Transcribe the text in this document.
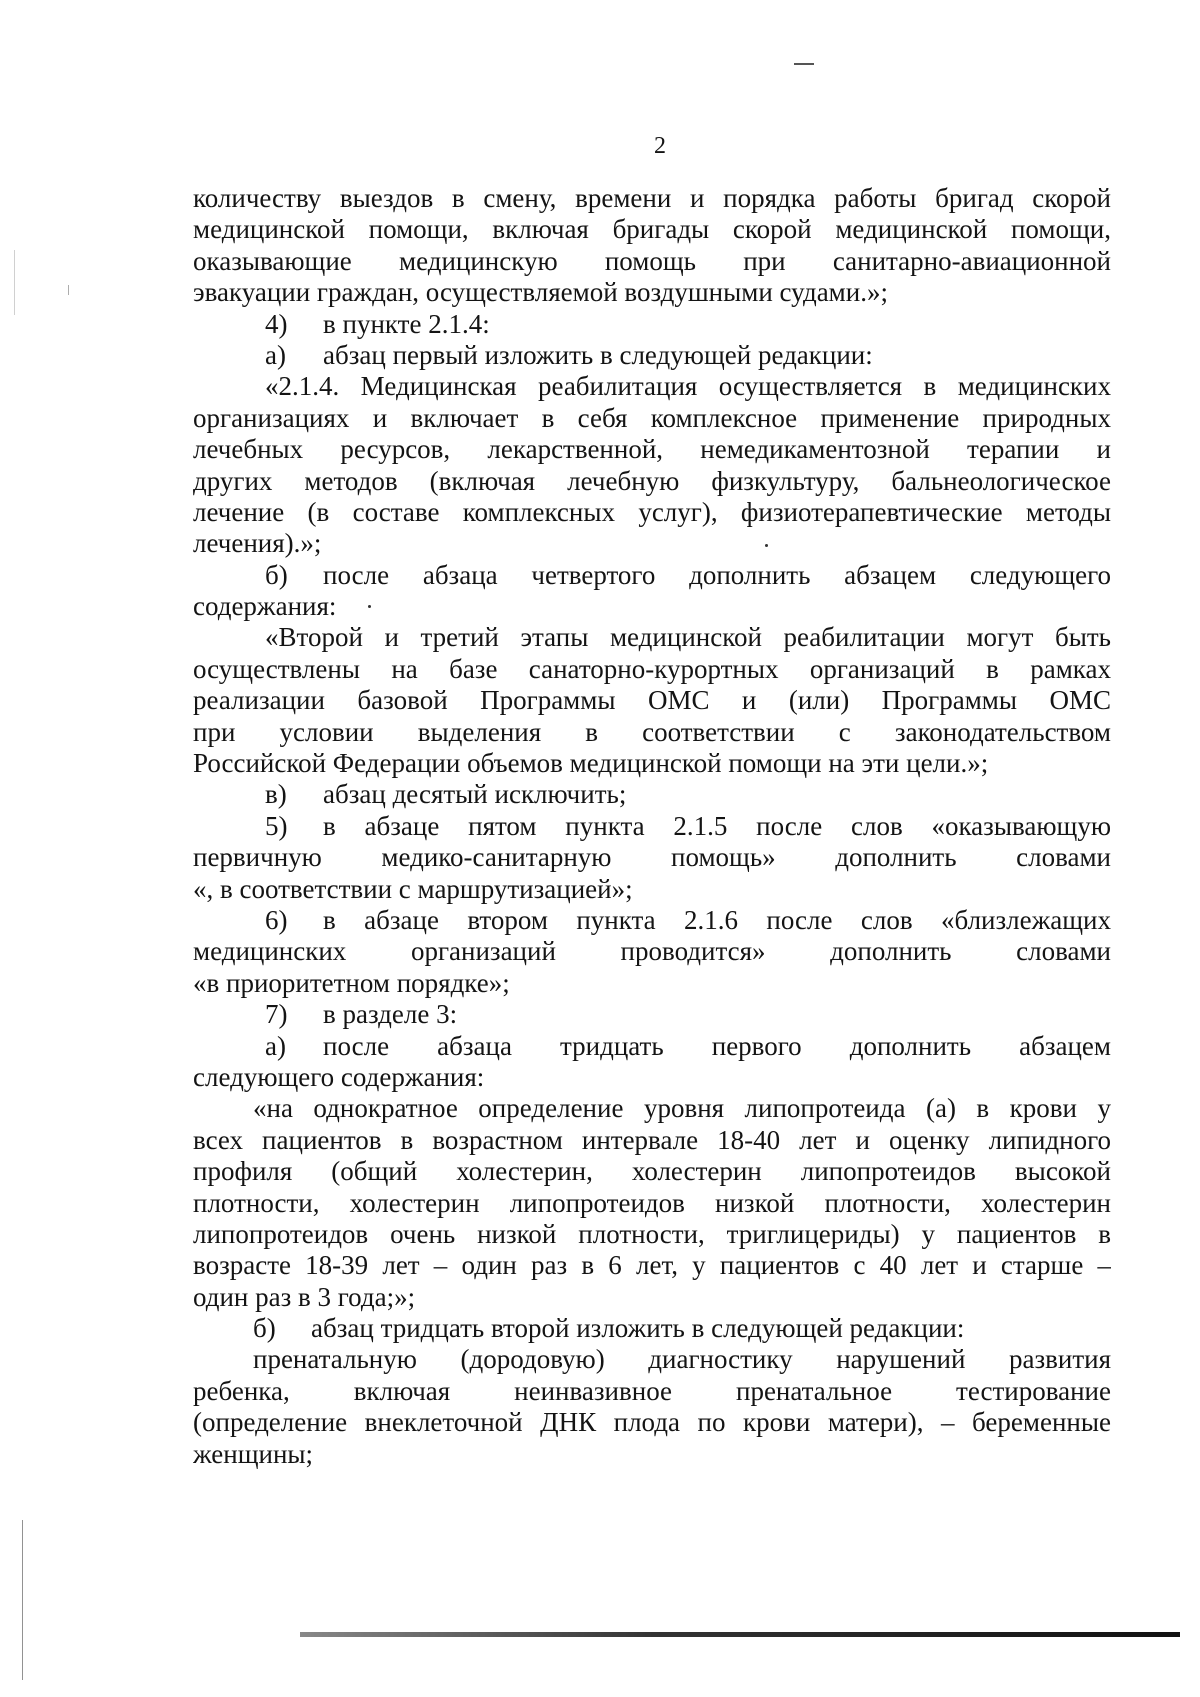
2
количеству выездов в смену, времени и порядка работы бригад скорой
медицинской помощи, включая бригады скорой медицинской помощи,
оказывающие медицинскую помощь при санитарно-авиационной
эвакуации граждан, осуществляемой воздушными судами.»;
4) в пункте 2.1.4:
а) абзац первый изложить в следующей редакции:
«2.1.4. Медицинская реабилитация осуществляется в медицинских
организациях и включает в себя комплексное применение природных
лечебных ресурсов, лекарственной, немедикаментозной терапии и
других методов (включая лечебную физкультуру, бальнеологическое
лечение (в составе комплексных услуг), физиотерапевтические методы
лечения).»;
б) после абзаца четвертого дополнить абзацем следующего
содержания:
«Второй и третий этапы медицинской реабилитации могут быть
осуществлены на базе санаторно-курортных организаций в рамках
реализации базовой Программы ОМС и (или) Программы ОМС
при условии выделения в соответствии с законодательством
Российской Федерации объемов медицинской помощи на эти цели.»;
в) абзац десятый исключить;
5) в абзаце пятом пункта 2.1.5 после слов «оказывающую
первичную медико-санитарную помощь» дополнить словами
«, в соответствии с маршрутизацией»;
6) в абзаце втором пункта 2.1.6 после слов «близлежащих
медицинских организаций проводится» дополнить словами
«в приоритетном порядке»;
7) в разделе 3:
а) после абзаца тридцать первого дополнить абзацем
следующего содержания:
«на однократное определение уровня липопротеида (а) в крови у
всех пациентов в возрастном интервале 18-40 лет и оценку липидного
профиля (общий холестерин, холестерин липопротеидов высокой
плотности, холестерин липопротеидов низкой плотности, холестерин
липопротеидов очень низкой плотности, триглицериды) у пациентов в
возрасте 18-39 лет – один раз в 6 лет, у пациентов с 40 лет и старше –
один раз в 3 года;»;
б) абзац тридцать второй изложить в следующей редакции:
пренатальную (дородовую) диагностику нарушений развития
ребенка, включая неинвазивное пренатальное тестирование
(определение внеклеточной ДНК плода по крови матери), – беременные
женщины;
